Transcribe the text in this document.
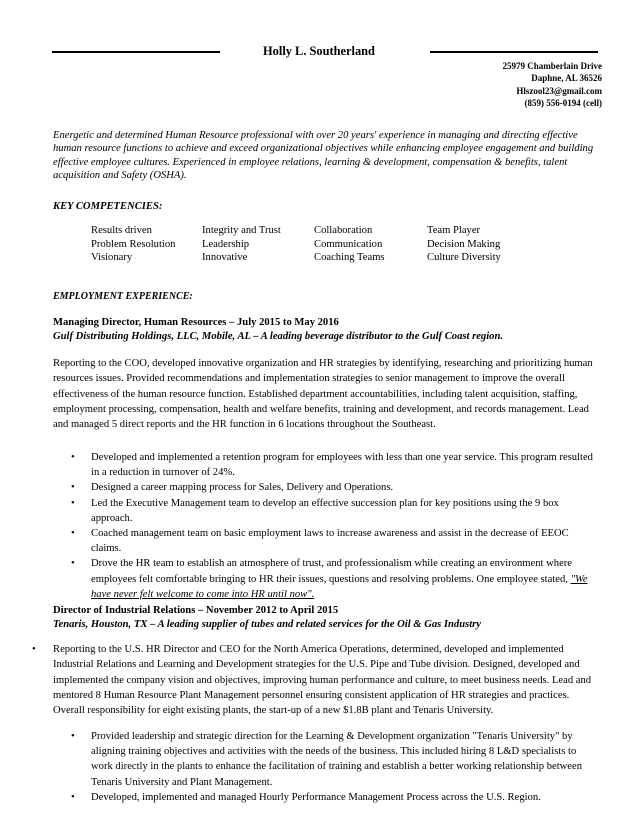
Holly L. Southerland
25979 Chamberlain Drive
Daphne, AL 36526
Hlszool23@gmail.com
(859) 556-0194 (cell)
Energetic and determined Human Resource professional with over 20 years' experience in managing and directing effective human resource functions to achieve and exceed organizational objectives while enhancing employee engagement and building effective employee cultures. Experienced in employee relations, learning & development, compensation & benefits, talent acquisition and Safety (OSHA).
KEY COMPETENCIES:
Results driven	Integrity and Trust	Collaboration	Team Player
Problem Resolution	Leadership	Communication	Decision Making
Visionary	Innovative	Coaching Teams	Culture Diversity
EMPLOYMENT EXPERIENCE:
Managing Director, Human Resources – July 2015 to May 2016
Gulf Distributing Holdings, LLC, Mobile, AL – A leading beverage distributor to the Gulf Coast region.
Reporting to the COO, developed innovative organization and HR strategies by identifying, researching and prioritizing human resources issues. Provided recommendations and implementation strategies to senior management to improve the overall effectiveness of the human resource function. Established department accountabilities, including talent acquisition, staffing, employment processing, compensation, health and welfare benefits, training and development, and records management. Lead and managed 5 direct reports and the HR function in 6 locations throughout the Southeast.
• Developed and implemented a retention program for employees with less than one year service. This program resulted in a reduction in turnover of 24%.
• Designed a career mapping process for Sales, Delivery and Operations.
• Led the Executive Management team to develop an effective succession plan for key positions using the 9 box approach.
• Coached management team on basic employment laws to increase awareness and assist in the decrease of EEOC claims.
• Drove the HR team to establish an atmosphere of trust, and professionalism while creating an environment where employees felt comfortable bringing to HR their issues, questions and resolving problems. One employee stated, "We have never felt welcome to come into HR until now".
Director of Industrial Relations – November 2012 to April 2015
Tenaris, Houston, TX – A leading supplier of tubes and related services for the Oil & Gas Industry
•	Reporting to the U.S. HR Director and CEO for the North America Operations, determined, developed and implemented Industrial Relations and Learning and Development strategies for the U.S. Pipe and Tube division. Designed, developed and implemented the company vision and objectives, improving human performance and culture, to meet business needs. Lead and mentored 8 Human Resource Plant Management personnel ensuring consistent application of HR strategies and practices. Overall responsibility for eight existing plants, the start-up of a new $1.8B plant and Tenaris University.
• Provided leadership and strategic direction for the Learning & Development organization "Tenaris University" by aligning training objectives and activities with the needs of the business. This included hiring 8 L&D specialists to work directly in the plants to enhance the facilitation of training and establish a better working relationship between Tenaris University and Plant Management.
• Developed, implemented and managed Hourly Performance Management Process across the U.S. Region.
